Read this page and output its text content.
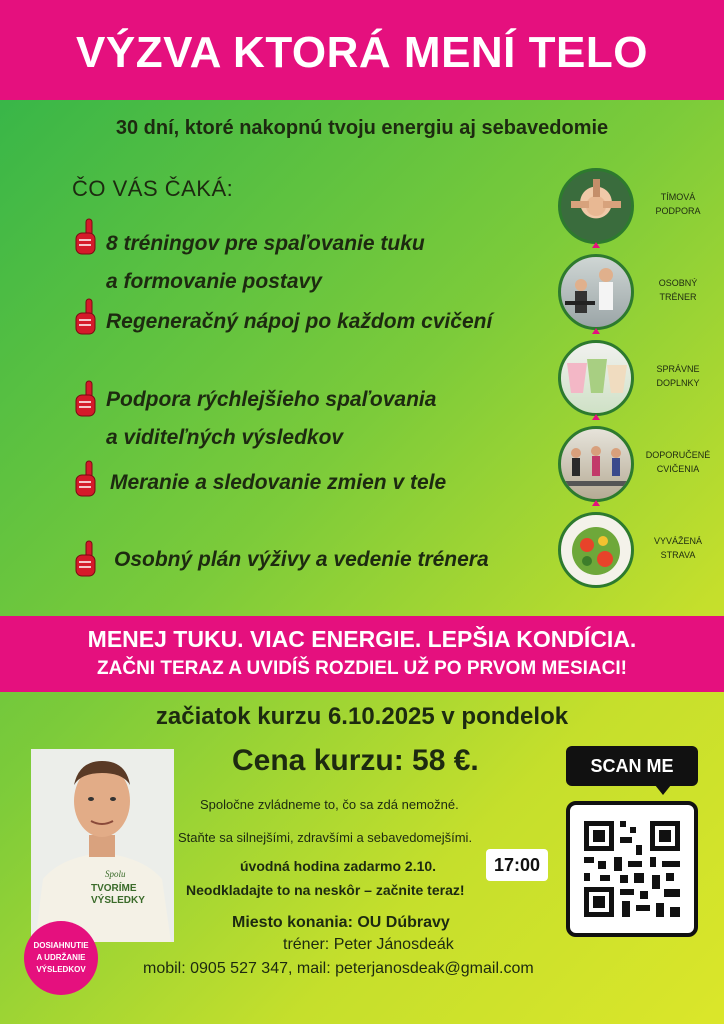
VÝZVA KTORÁ MENÍ TELO
30 dní, ktoré nakopnú tvoju energiu aj sebavedomie
ČO VÁS ČAKÁ:
8 tréningov pre spaľovanie tuku
a formovanie postavy
Regeneračný nápoj po každom cvičení
Podpora rýchlejšieho spaľovania
a viditeľných výsledkov
Meranie a sledovanie zmien v tele
Osobný plán výživy a vedenie trénera
TÍMOVÁ
PODPORA
OSOBNÝ
TRÉNER
SPRÁVNE
DOPLNKY
DOPORUČENÉ
CVIČENIA
VYVÁŽENÁ
STRAVA
MENEJ TUKU. VIAC ENERGIE. LEPŠIA KONDÍCIA.
ZAČNI TERAZ A UVIDÍŠ ROZDIEL UŽ PO PRVOM MESIACI!
začiatok kurzu 6.10.2025 v pondelok
Spolu
TVORÍME
VÝSLEDKY
DOSIAHNUTIE
A UDRŽANIE
VÝSLEDKOV
Cena kurzu: 58 €.
Spoločne zvládneme to, čo sa zdá nemožné.
Staňte sa silnejšími, zdravšími a sebavedomejšími.
úvodná hodina zadarmo 2.10.	17:00
Neodkladajte to na neskôr – začnite teraz!
Miesto konania: OU Dúbravy
tréner: Peter Jánosdeák
mobil: 0905 527 347, mail: peterjanosdeak@gmail.com
SCAN ME
